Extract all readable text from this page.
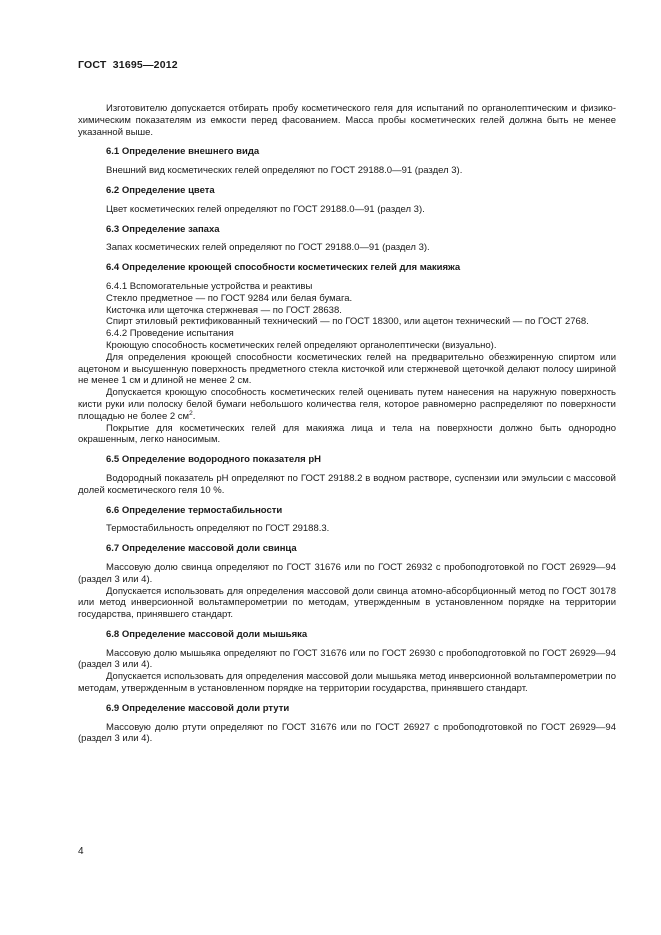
ГОСТ  31695—2012

Изготовителю допускается отбирать пробу косметического геля для испытаний по органолептическим и физико-химическим показателям из емкости перед фасованием. Масса пробы косметических гелей должна быть не менее указанной выше.

6.1 Определение внешнего вида

Внешний вид косметических гелей определяют по ГОСТ 29188.0—91 (раздел 3).

6.2 Определение цвета

Цвет косметических гелей определяют по ГОСТ 29188.0—91 (раздел 3).

6.3 Определение запаха

Запах косметических гелей определяют по ГОСТ 29188.0—91 (раздел 3).

6.4 Определение кроющей способности косметических гелей для макияжа

6.4.1 Вспомогательные устройства и реактивы

Стекло предметное — по ГОСТ 9284 или белая бумага.

Кисточка или щеточка стержневая — по ГОСТ 28638.

Спирт этиловый ректификованный технический — по ГОСТ 18300, или ацетон технический — по ГОСТ 2768.

6.4.2 Проведение испытания

Кроющую способность косметических гелей определяют органолептически (визуально).

Для определения кроющей способности косметических гелей на предварительно обезжиренную спиртом или ацетоном и высушенную поверхность предметного стекла кисточкой или стержневой щеточкой делают полосу шириной не менее 1 см и длиной не менее 2 см.

Допускается кроющую способность косметических гелей оценивать путем нанесения на наружную поверхность кисти руки или полоску белой бумаги небольшого количества геля, которое равномерно распределяют по поверхности площадью не более 2 $см^2$.

Покрытие для косметических гелей для макияжа лица и тела на поверхности должно быть однородно окрашенным, легко наносимым.

6.5 Определение водородного показателя pH

Водородный показатель pH определяют по ГОСТ 29188.2 в водном растворе, суспензии или эмульсии с массовой долей косметического геля 10 %.

6.6 Определение термостабильности

Термостабильность определяют по ГОСТ 29188.3.

6.7 Определение массовой доли свинца

Массовую долю свинца определяют по ГОСТ 31676 или по ГОСТ 26932 с пробоподготовкой по ГОСТ 26929—94 (раздел 3 или 4).

Допускается использовать для определения массовой доли свинца атомно-абсорбционный метод по ГОСТ 30178 или метод инверсионной вольтамперометрии по методам, утвержденным в установленном порядке на территории государства, принявшего стандарт.

6.8 Определение массовой доли мышьяка

Массовую долю мышьяка определяют по ГОСТ 31676 или по ГОСТ 26930 с пробоподготовкой по ГОСТ 26929—94 (раздел 3 или 4).

Допускается использовать для определения массовой доли мышьяка метод инверсионной вольтамперометрии по методам, утвержденным в установленном порядке на территории государства, принявшего стандарт.

6.9 Определение массовой доли ртути

Массовую долю ртути определяют по ГОСТ 31676 или по ГОСТ 26927 с пробоподготовкой по ГОСТ 26929—94 (раздел 3 или 4).

4
